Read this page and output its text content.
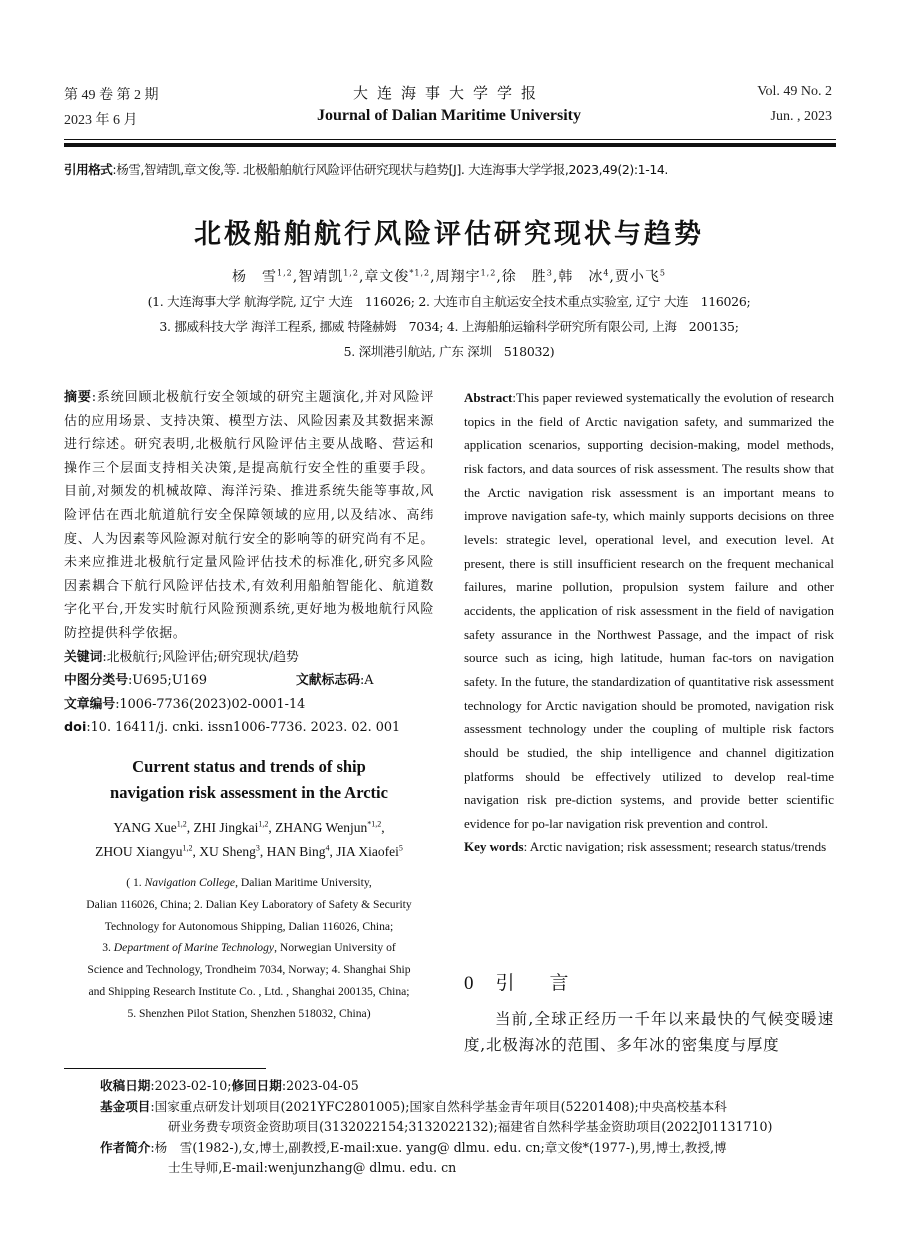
第 49 卷 第 2 期
2023 年 6 月
大连海事大学学报
Journal of Dalian Maritime University
Vol. 49 No. 2
Jun. , 2023
引用格式:杨雪,智靖凯,章文俊,等. 北极船舶航行风险评估研究现状与趋势[J]. 大连海事大学学报,2023,49(2):1-14.
北极船舶航行风险评估研究现状与趋势
杨　雪$^{1,2}$,智靖凯$^{1,2}$,章文俊$^{*1,2}$,周翔宇$^{1,2}$,徐　胜$^3$,韩　冰$^4$,贾小飞$^5$
(1. 大连海事大学 航海学院, 辽宁 大连　116026; 2. 大连市自主航运安全技术重点实验室, 辽宁 大连　116026;
3. 挪威科技大学 海洋工程系, 挪威 特隆赫姆　7034; 4. 上海船舶运输科学研究所有限公司, 上海　200135;
5. 深圳港引航站, 广东 深圳　518032)
摘要:系统回顾北极航行安全领域的研究主题演化,并对风险评估的应用场景、支持决策、模型方法、风险因素及其数据来源进行综述。研究表明,北极航行风险评估主要从战略、营运和操作三个层面支持相关决策,是提高航行安全性的重要手段。目前,对频发的机械故障、海洋污染、推进系统失能等事故,风险评估在西北航道航行安全保障领域的应用,以及结冰、高纬度、人为因素等风险源对航行安全的影响等的研究尚有不足。未来应推进北极航行定量风险评估技术的标准化,研究多风险因素耦合下航行风险评估技术,有效利用船舶智能化、航道数字化平台,开发实时航行风险预测系统,更好地为极地航行风险防控提供科学依据。
关键词:北极航行;风险评估;研究现状/趋势
中图分类号:U695;U169	文献标志码:A
文章编号:1006-7736(2023)02-0001-14
doi:10. 16411/j. cnki. issn1006-7736. 2023. 02. 001
Current status and trends of ship
navigation risk assessment in the Arctic
YANG Xue$^{1,2}$, ZHI Jingkai$^{1,2}$, ZHANG Wenjun$^{*1,2}$,
ZHOU Xiangyu$^{1,2}$, XU Sheng$^3$, HAN Bing$^4$, JIA Xiaofei$^5$
( 1. Navigation College, Dalian Maritime University,
Dalian 116026, China; 2. Dalian Key Laboratory of Safety & Security
Technology for Autonomous Shipping, Dalian 116026, China;
3. Department of Marine Technology, Norwegian University of
Science and Technology, Trondheim 7034, Norway; 4. Shanghai Ship
and Shipping Research Institute Co. , Ltd. , Shanghai 200135, China;
5. Shenzhen Pilot Station, Shenzhen 518032, China)
Abstract:This paper reviewed systematically the evolution of research topics in the field of Arctic navigation safety, and summarized the application scenarios, supporting decision-making, model methods, risk factors, and data sources of risk assessment. The results show that the Arctic navigation risk assessment is an important means to improve navigation safe-ty, which mainly supports decisions on three levels: strategic level, operational level, and execution level. At present, there is still insufficient research on the frequent mechanical failures, marine pollution, propulsion system failure and other accidents, the application of risk assessment in the field of navigation safety assurance in the Northwest Passage, and the impact of risk source such as icing, high latitude, human fac-tors on navigation safety. In the future, the standardization of quantitative risk assessment technology for Arctic navigation should be promoted, navigation risk assessment technology under the coupling of multiple risk factors should be studied, the ship intelligence and channel digitization platforms should be effectively utilized to develop real-time navigation risk pre-diction systems, and provide better scientific evidence for po-lar navigation risk prevention and control.
Key words: Arctic navigation; risk assessment; research status/trends
0 引　言
当前,全球正经历一千年以来最快的气候变暖速度,北极海冰的范围、多年冰的密集度与厚度
收稿日期:2023-02-10;修回日期:2023-04-05
基金项目:国家重点研发计划项目(2021YFC2801005);国家自然科学基金青年项目(52201408);中央高校基本科
研业务费专项资金资助项目(3132022154;3132022132);福建省自然科学基金资助项目(2022J01131710)
作者简介:杨　雪(1982-),女,博士,副教授,E-mail:xue. yang@ dlmu. edu. cn;章文俊*(1977-),男,博士,教授,博
士生导师,E-mail:wenjunzhang@ dlmu. edu. cn
